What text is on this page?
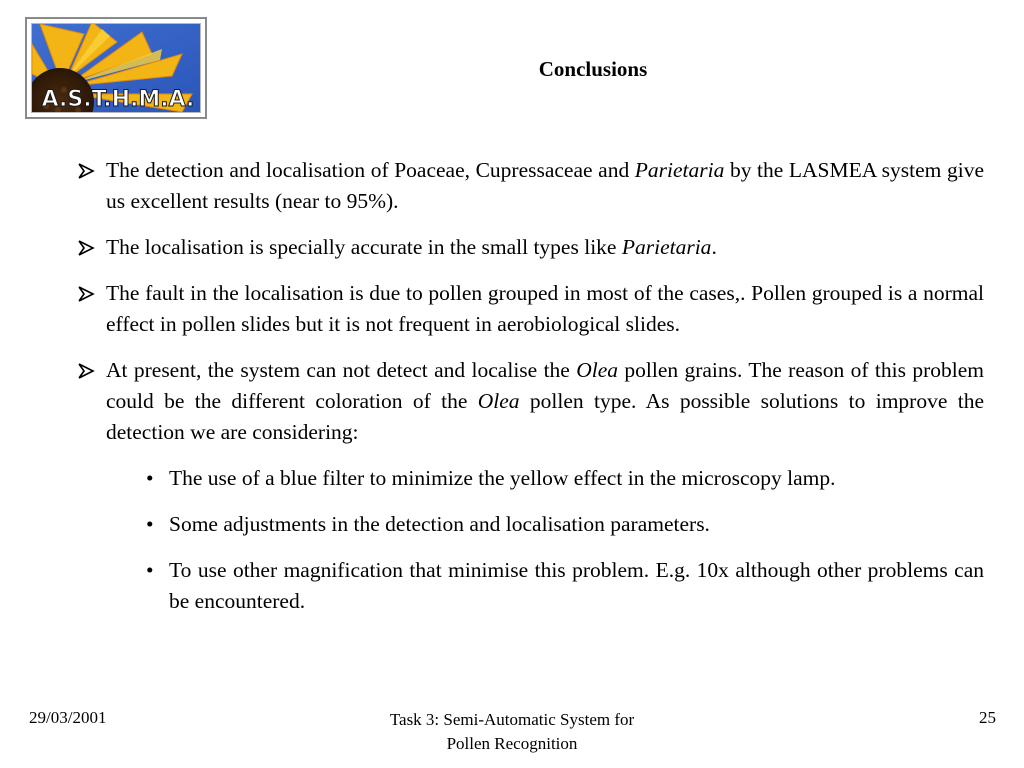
A.S.T.H.M.A.
Conclusions
The detection and localisation of Poaceae, Cupressaceae and Parietaria by the LASMEA system give us excellent results (near to 95%).
The localisation is specially accurate in the small types like Parietaria.
The fault in the localisation is due to pollen grouped in most of the cases,. Pollen grouped is a normal effect in pollen slides but it is not frequent in aerobiological slides.
At present, the system can not detect and localise the Olea pollen grains. The reason of this problem could be the different coloration of the Olea pollen type. As possible solutions to improve the detection we are considering:
• The use of a blue filter to minimize the yellow effect in the microscopy lamp.
• Some adjustments in the detection and localisation parameters.
• To use other magnification that minimise this problem. E.g. 10x although other problems can be encountered.
29/03/2001	Task 3: Semi-Automatic System for
Pollen Recognition
25
